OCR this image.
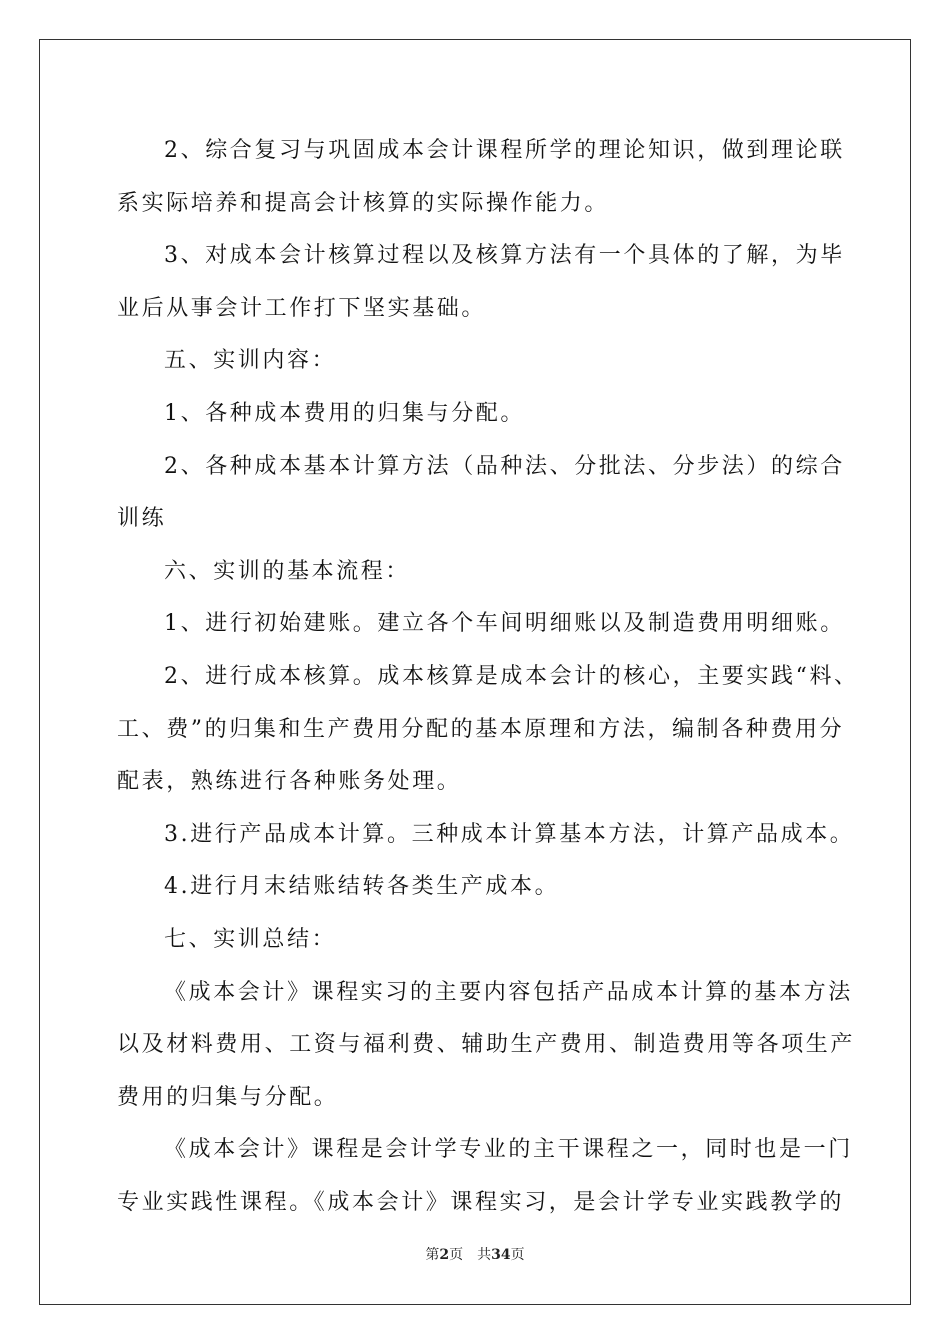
2、综合复习与巩固成本会计课程所学的理论知识，做到理论联
系实际培养和提高会计核算的实际操作能力。
3、对成本会计核算过程以及核算方法有一个具体的了解，为毕
业后从事会计工作打下坚实基础。
五、实训内容：
1、各种成本费用的归集与分配。
2、各种成本基本计算方法（品种法、分批法、分步法）的综合
训练
六、实训的基本流程：
1、进行初始建账。建立各个车间明细账以及制造费用明细账。
2、进行成本核算。成本核算是成本会计的核心，主要实践“料、
工、费”的归集和生产费用分配的基本原理和方法，编制各种费用分
配表，熟练进行各种账务处理。
3.进行产品成本计算。三种成本计算基本方法，计算产品成本。
4.进行月末结账结转各类生产成本。
七、实训总结：
《成本会计》课程实习的主要内容包括产品成本计算的基本方法
以及材料费用、工资与福利费、辅助生产费用、制造费用等各项生产
费用的归集与分配。
《成本会计》课程是会计学专业的主干课程之一，同时也是一门
专业实践性课程。《成本会计》课程实习，是会计学专业实践教学的
第2页 共34页
